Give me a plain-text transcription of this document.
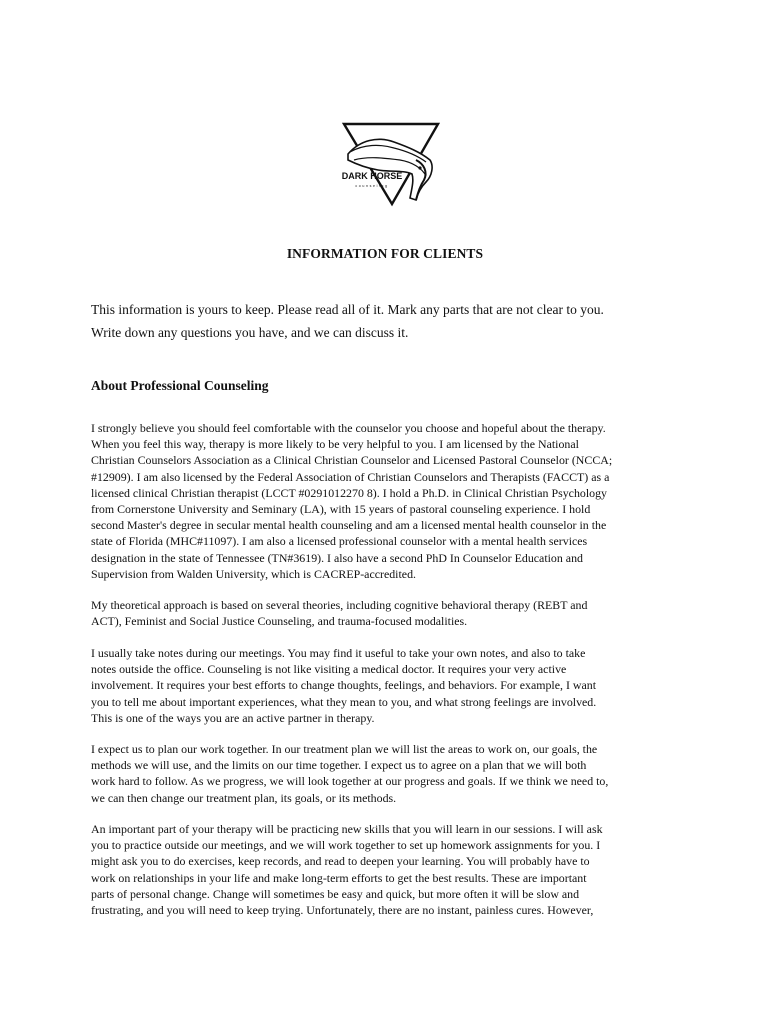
DARK HORSE
counseling
INFORMATION FOR CLIENTS

This information is yours to keep. Please read all of it. Mark any parts that are not clear to you.

Write down any questions you have, and we can discuss it.

About Professional Counseling
I strongly believe you should feel comfortable with the counselor you choose and hopeful about the therapy.
When you feel this way, therapy is more likely to be very helpful to you. I am licensed by the National
Christian Counselors Association as a Clinical Christian Counselor and Licensed Pastoral Counselor (NCCA;
#12909). I am also licensed by the Federal Association of Christian Counselors and Therapists (FACCT) as a
licensed clinical Christian therapist (LCCT #0291012270 8). I hold a Ph.D. in Clinical Christian Psychology
from Cornerstone University and Seminary (LA), with 15 years of pastoral counseling experience. I hold
second Master's degree in secular mental health counseling and am a licensed mental health counselor in the
state of Florida (MHC#11097). I am also a licensed professional counselor with a mental health services
designation in the state of Tennessee (TN#3619). I also have a second PhD In Counselor Education and
Supervision from Walden University, which is CACREP-accredited.
My theoretical approach is based on several theories, including cognitive behavioral therapy (REBT and
ACT), Feminist and Social Justice Counseling, and trauma-focused modalities.
I usually take notes during our meetings. You may find it useful to take your own notes, and also to take
notes outside the office. Counseling is not like visiting a medical doctor. It requires your very active
involvement. It requires your best efforts to change thoughts, feelings, and behaviors. For example, I want
you to tell me about important experiences, what they mean to you, and what strong feelings are involved.
This is one of the ways you are an active partner in therapy.
I expect us to plan our work together. In our treatment plan we will list the areas to work on, our goals, the
methods we will use, and the limits on our time together. I expect us to agree on a plan that we will both
work hard to follow. As we progress, we will look together at our progress and goals. If we think we need to,
we can then change our treatment plan, its goals, or its methods.
An important part of your therapy will be practicing new skills that you will learn in our sessions. I will ask
you to practice outside our meetings, and we will work together to set up homework assignments for you. I
might ask you to do exercises, keep records, and read to deepen your learning. You will probably have to
work on relationships in your life and make long-term efforts to get the best results. These are important
parts of personal change. Change will sometimes be easy and quick, but more often it will be slow and
frustrating, and you will need to keep trying. Unfortunately, there are no instant, painless cures. However,
